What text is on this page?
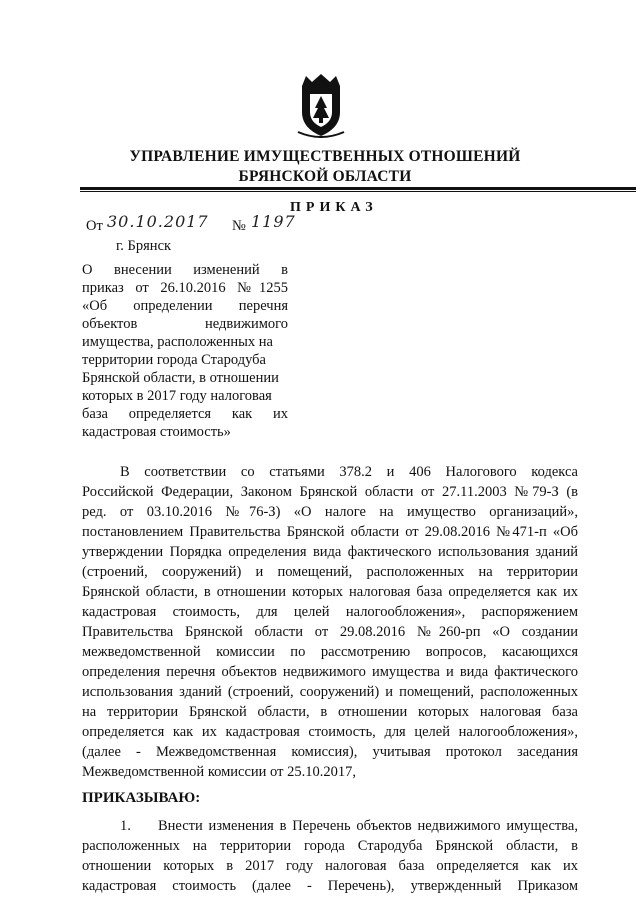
УПРАВЛЕНИЕ ИМУЩЕСТВЕННЫХ ОТНОШЕНИЙ
БРЯНСКОЙ ОБЛАСТИ
ПРИКАЗ
От 30.10.2017 № 1197
г. Брянск
О внесении изменений в
приказ от 26.10.2016 №1255
«Об определении перечня
объектов недвижимого
имущества, расположенных на
территории города Стародуба
Брянской области, в отношении
которых в 2017 году налоговая
база определяется как их
кадастровая стоимость»
В соответствии со статьями 378.2 и 406 Налогового кодекса
Российской Федерации, Законом Брянской области от 27.11.2003 №79-З (в
ред. от 03.10.2016 №76-З) «О налоге на имущество организаций»,
постановлением Правительства Брянской области от 29.08.2016 №471-п «Об
утверждении Порядка определения вида фактического использования зданий
(строений, сооружений) и помещений, расположенных на территории
Брянской области, в отношении которых налоговая база определяется как их
кадастровая стоимость, для целей налогообложения», распоряжением
Правительства Брянской области от 29.08.2016 №260-рп «О создании
межведомственной комиссии по рассмотрению вопросов, касающихся
определения перечня объектов недвижимого имущества и вида фактического
использования зданий (строений, сооружений) и помещений, расположенных
на территории Брянской области, в отношении которых налоговая база
определяется как их кадастровая стоимость, для целей налогообложения»,
(далее - Межведомственная комиссия), учитывая протокол заседания
Межведомственной комиссии от 25.10.2017,
ПРИКАЗЫВАЮ:
1. Внести изменения в Перечень объектов недвижимого имущества,
расположенных на территории города Стародуба Брянской области, в
отношении которых в 2017 году налоговая база определяется как их
кадастровая стоимость (далее - Перечень), утвержденный Приказом
